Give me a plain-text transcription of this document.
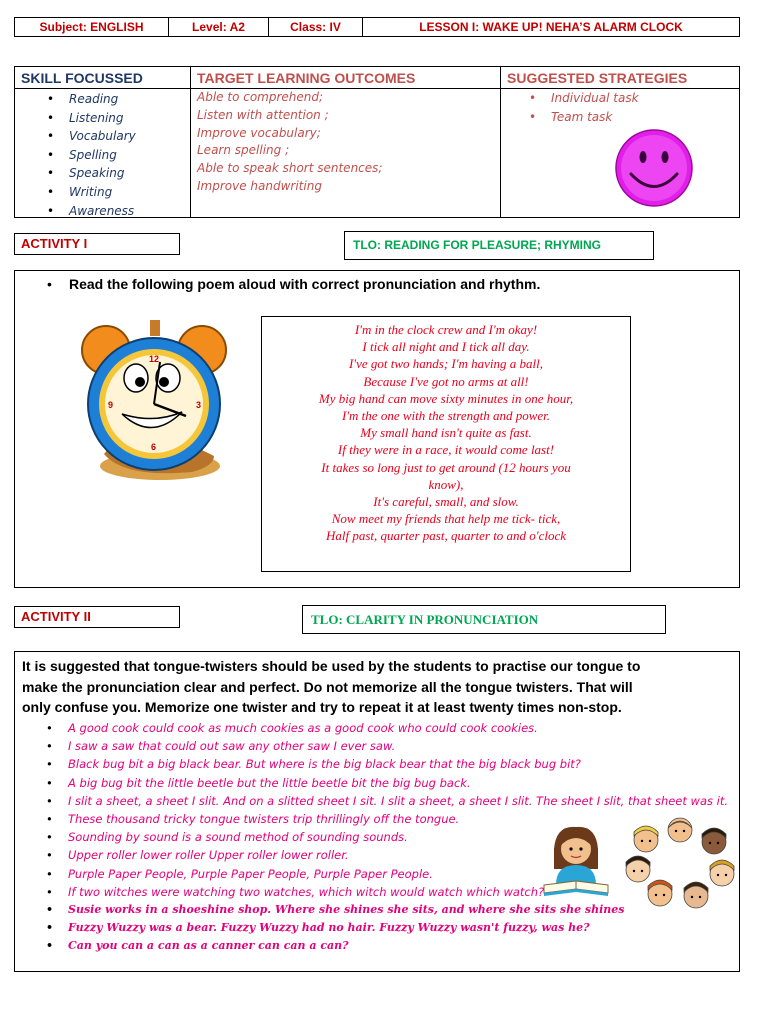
Subject: ENGLISH	Level: A2	Class: IV	LESSON I: WAKE UP! NEHA’S ALARM CLOCK
SKILL FOCUSSED
• Reading
• Listening
• Vocabulary
• Spelling
• Speaking
• Writing
• Awareness
TARGET LEARNING OUTCOMES
Able to comprehend;
Listen with attention ;
Improve vocabulary;
Learn spelling ;
Able to speak short sentences;
Improve handwriting
SUGGESTED STRATEGIES
• Individual task
• Team task
ACTIVITY I	TLO: READING FOR PLEASURE; RHYMING
• Read the following poem aloud with correct pronunciation and rhythm.
12
3
6
9
I'm in the clock crew and I'm okay!
I tick all night and I tick all day.
I've got two hands; I'm having a ball,
Because I've got no arms at all!
My big hand can move sixty minutes in one hour,
I'm the one with the strength and power.
My small hand isn't quite as fast.
If they were in a race, it would come last!
It takes so long just to get around (12 hours you
know),
It's careful, small, and slow.
Now meet my friends that help me tick- tick,
Half past, quarter past, quarter to and o'clock
ACTIVITY II	TLO: CLARITY IN PRONUNCIATION
It is suggested that tongue-twisters should be used by the students to practise our tongue to
make the pronunciation clear and perfect. Do not memorize all the tongue twisters. That will
only confuse you. Memorize one twister and try to repeat it at least twenty times non-stop.
• A good cook could cook as much cookies as a good cook who could cook cookies.
• I saw a saw that could out saw any other saw I ever saw.
• Black bug bit a big black bear. But where is the big black bear that the big black bug bit?
• A big bug bit the little beetle but the little beetle bit the big bug back.
• I slit a sheet, a sheet I slit. And on a slitted sheet I sit. I slit a sheet, a sheet I slit. The sheet I slit, that sheet was it.
• These thousand tricky tongue twisters trip thrillingly off the tongue.
• Sounding by sound is a sound method of sounding sounds.
• Upper roller lower roller Upper roller lower roller.
• Purple Paper People, Purple Paper People, Purple Paper People.
• If two witches were watching two watches, which witch would watch which watch?
• Susie works in a shoeshine shop. Where she shines she sits, and where she sits she shines
• Fuzzy Wuzzy was a bear. Fuzzy Wuzzy had no hair. Fuzzy Wuzzy wasn't fuzzy, was he?
• Can you can a can as a canner can can a can?
